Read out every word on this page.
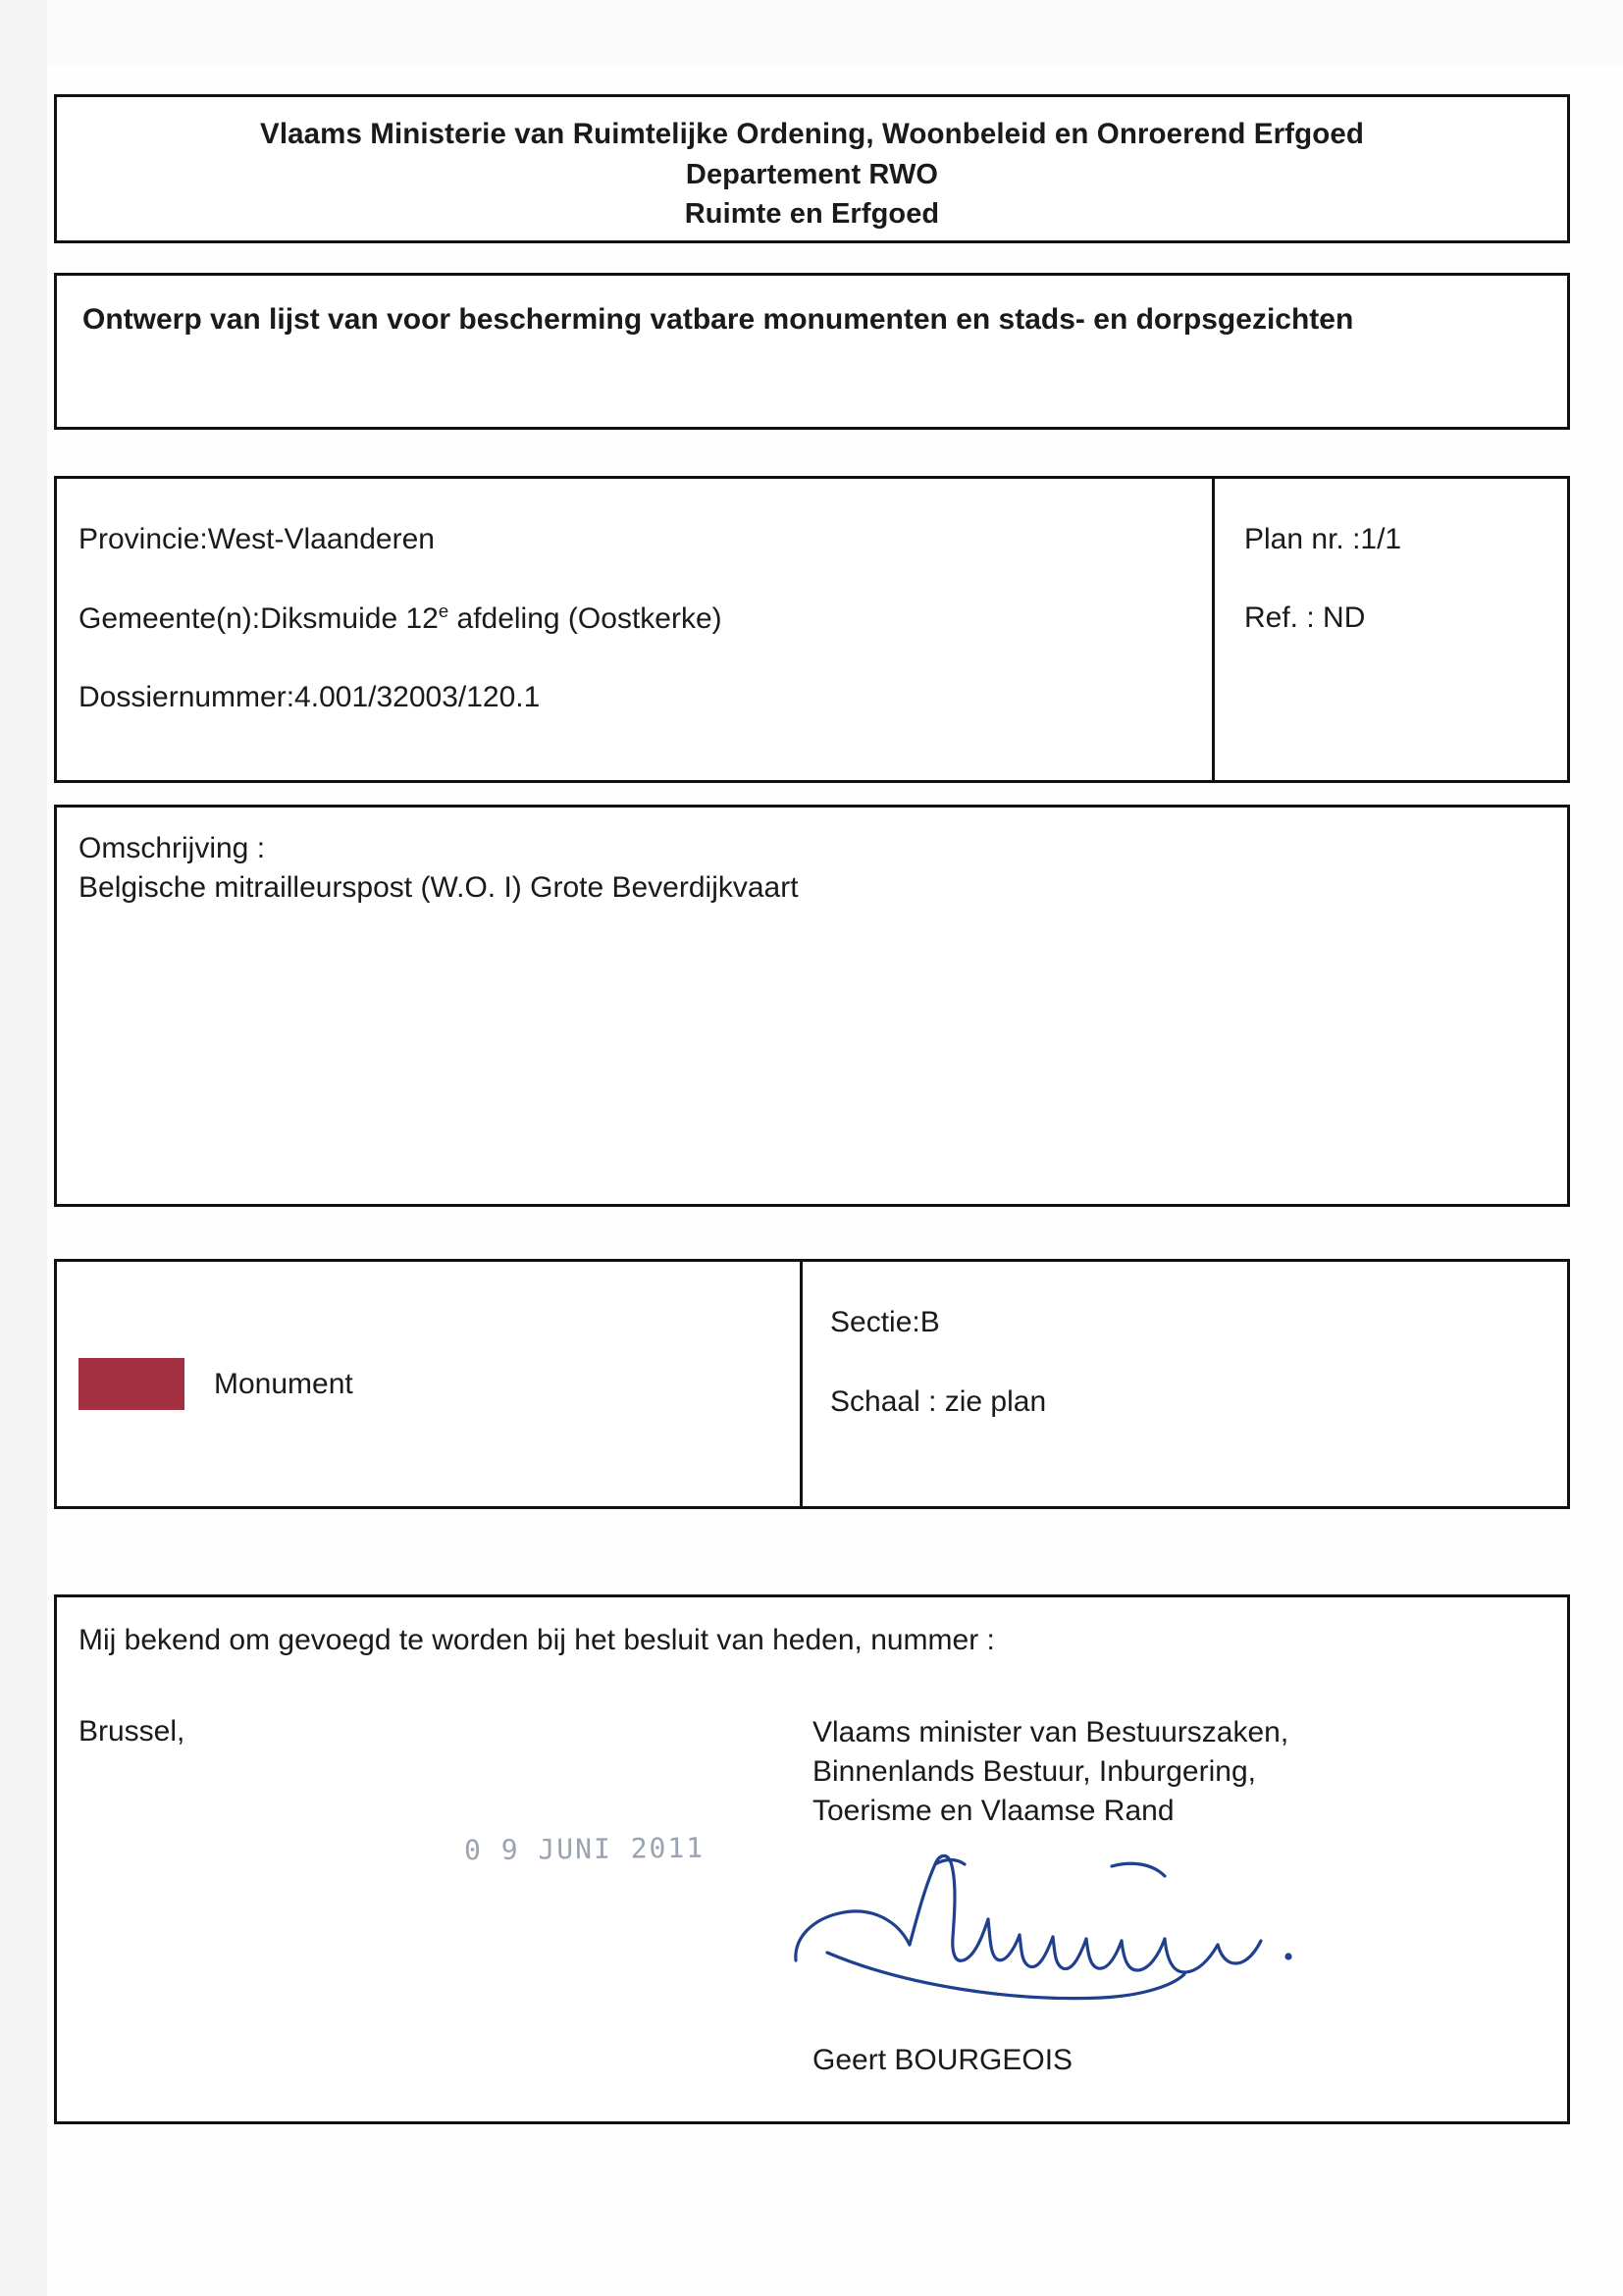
Vlaams Ministerie van Ruimtelijke Ordening, Woonbeleid en Onroerend Erfgoed
Departement RWO
Ruimte en Erfgoed
Ontwerp van lijst van voor bescherming vatbare monumenten en stads- en dorpsgezichten
Provincie:West-Vlaanderen
Gemeente(n):Diksmuide 12e afdeling (Oostkerke)
Dossiernummer:4.001/32003/120.1
Plan nr. :1/1
Ref. : ND
Omschrijving :
Belgische mitrailleurspost (W.O. I) Grote Beverdijkvaart
Monument
Sectie:B
Schaal : zie plan
Mij bekend om gevoegd te worden bij het besluit van heden, nummer :
Brussel,	Vlaams minister van Bestuurszaken,
Binnenlands Bestuur, Inburgering,
Toerisme en Vlaamse Rand
0 9 JUNI 2011
Geert BOURGEOIS
